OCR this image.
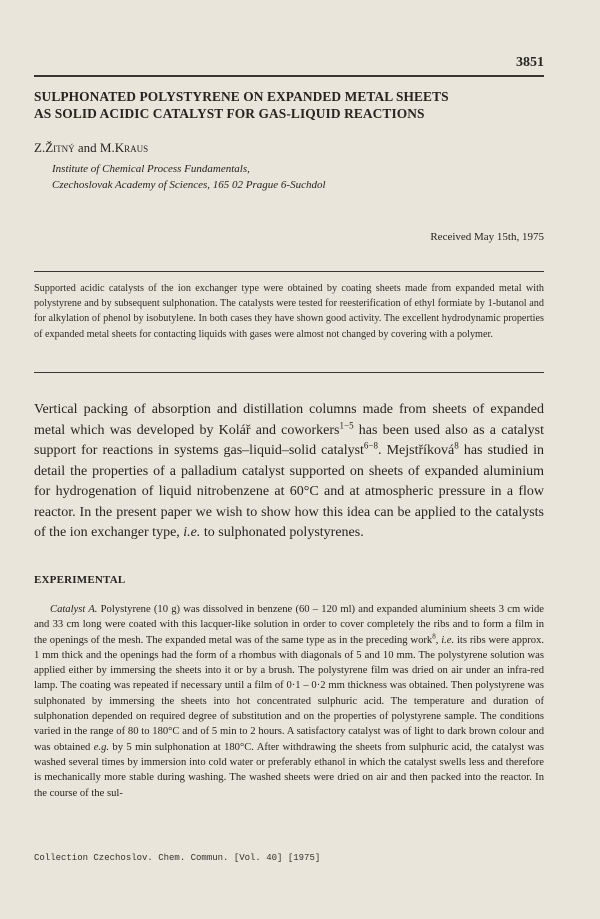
3851
SULPHONATED POLYSTYRENE ON EXPANDED METAL SHEETS
AS SOLID ACIDIC CATALYST FOR GAS-LIQUID REACTIONS
Z.Žitný and M.Kraus
Institute of Chemical Process Fundamentals,
Czechoslovak Academy of Sciences, 165 02 Prague 6-Suchdol
Received May 15th, 1975

Supported acidic catalysts of the ion exchanger type were obtained by coating sheets made from expanded metal with polystyrene and by subsequent sulphonation. The catalysts were tested for reesterification of ethyl formiate by 1-butanol and for alkylation of phenol by isobutylene. In both cases they have shown good activity. The excellent hydrodynamic properties of expanded metal sheets for contacting liquids with gases were almost not changed by covering with a polymer.

Vertical packing of absorption and distillation columns made from sheets of expanded metal which was developed by Kolář and coworkers$^{1-5}$ has been used also as a catalyst support for reactions in systems gas–liquid–solid catalyst$^{6-8}$. Mejstříková$^8$ has studied in detail the properties of a palladium catalyst supported on sheets of expanded aluminium for hydrogenation of liquid nitrobenzene at 60°C and at atmospheric pressure in a flow reactor. In the present paper we wish to show how this idea can be applied to the catalysts of the ion exchanger type, i.e. to sulphonated polystyrenes.

EXPERIMENTAL

Catalyst A. Polystyrene (10 g) was dissolved in benzene (60 – 120 ml) and expanded aluminium sheets 3 cm wide and 33 cm long were coated with this lacquer-like solution in order to cover completely the ribs and to form a film in the openings of the mesh. The expanded metal was of the same type as in the preceding work$^8$, i.e. its ribs were approx. 1 mm thick and the openings had the form of a rhombus with diagonals of 5 and 10 mm. The polystyrene solution was applied either by immersing the sheets into it or by a brush. The polystyrene film was dried on air under an infra-red lamp. The coating was repeated if necessary until a film of 0·1 – 0·2 mm thickness was obtained. Then polystyrene was sulphonated by immersing the sheets into hot concentrated sulphuric acid. The temperature and duration of sulphonation depended on required degree of substitution and on the properties of polystyrene sample. The conditions varied in the range of 80 to 180°C and of 5 min to 2 hours. A satisfactory catalyst was of light to dark brown colour and was obtained e.g. by 5 min sulphonation at 180°C. After withdrawing the sheets from sulphuric acid, the catalyst was washed several times by immersion into cold water or preferably ethanol in which the catalyst swells less and therefore is mechanically more stable during washing. The washed sheets were dried on air and then packed into the reactor. In the course of the sul-

Collection Czechoslov. Chem. Commun. [Vol. 40] [1975]
